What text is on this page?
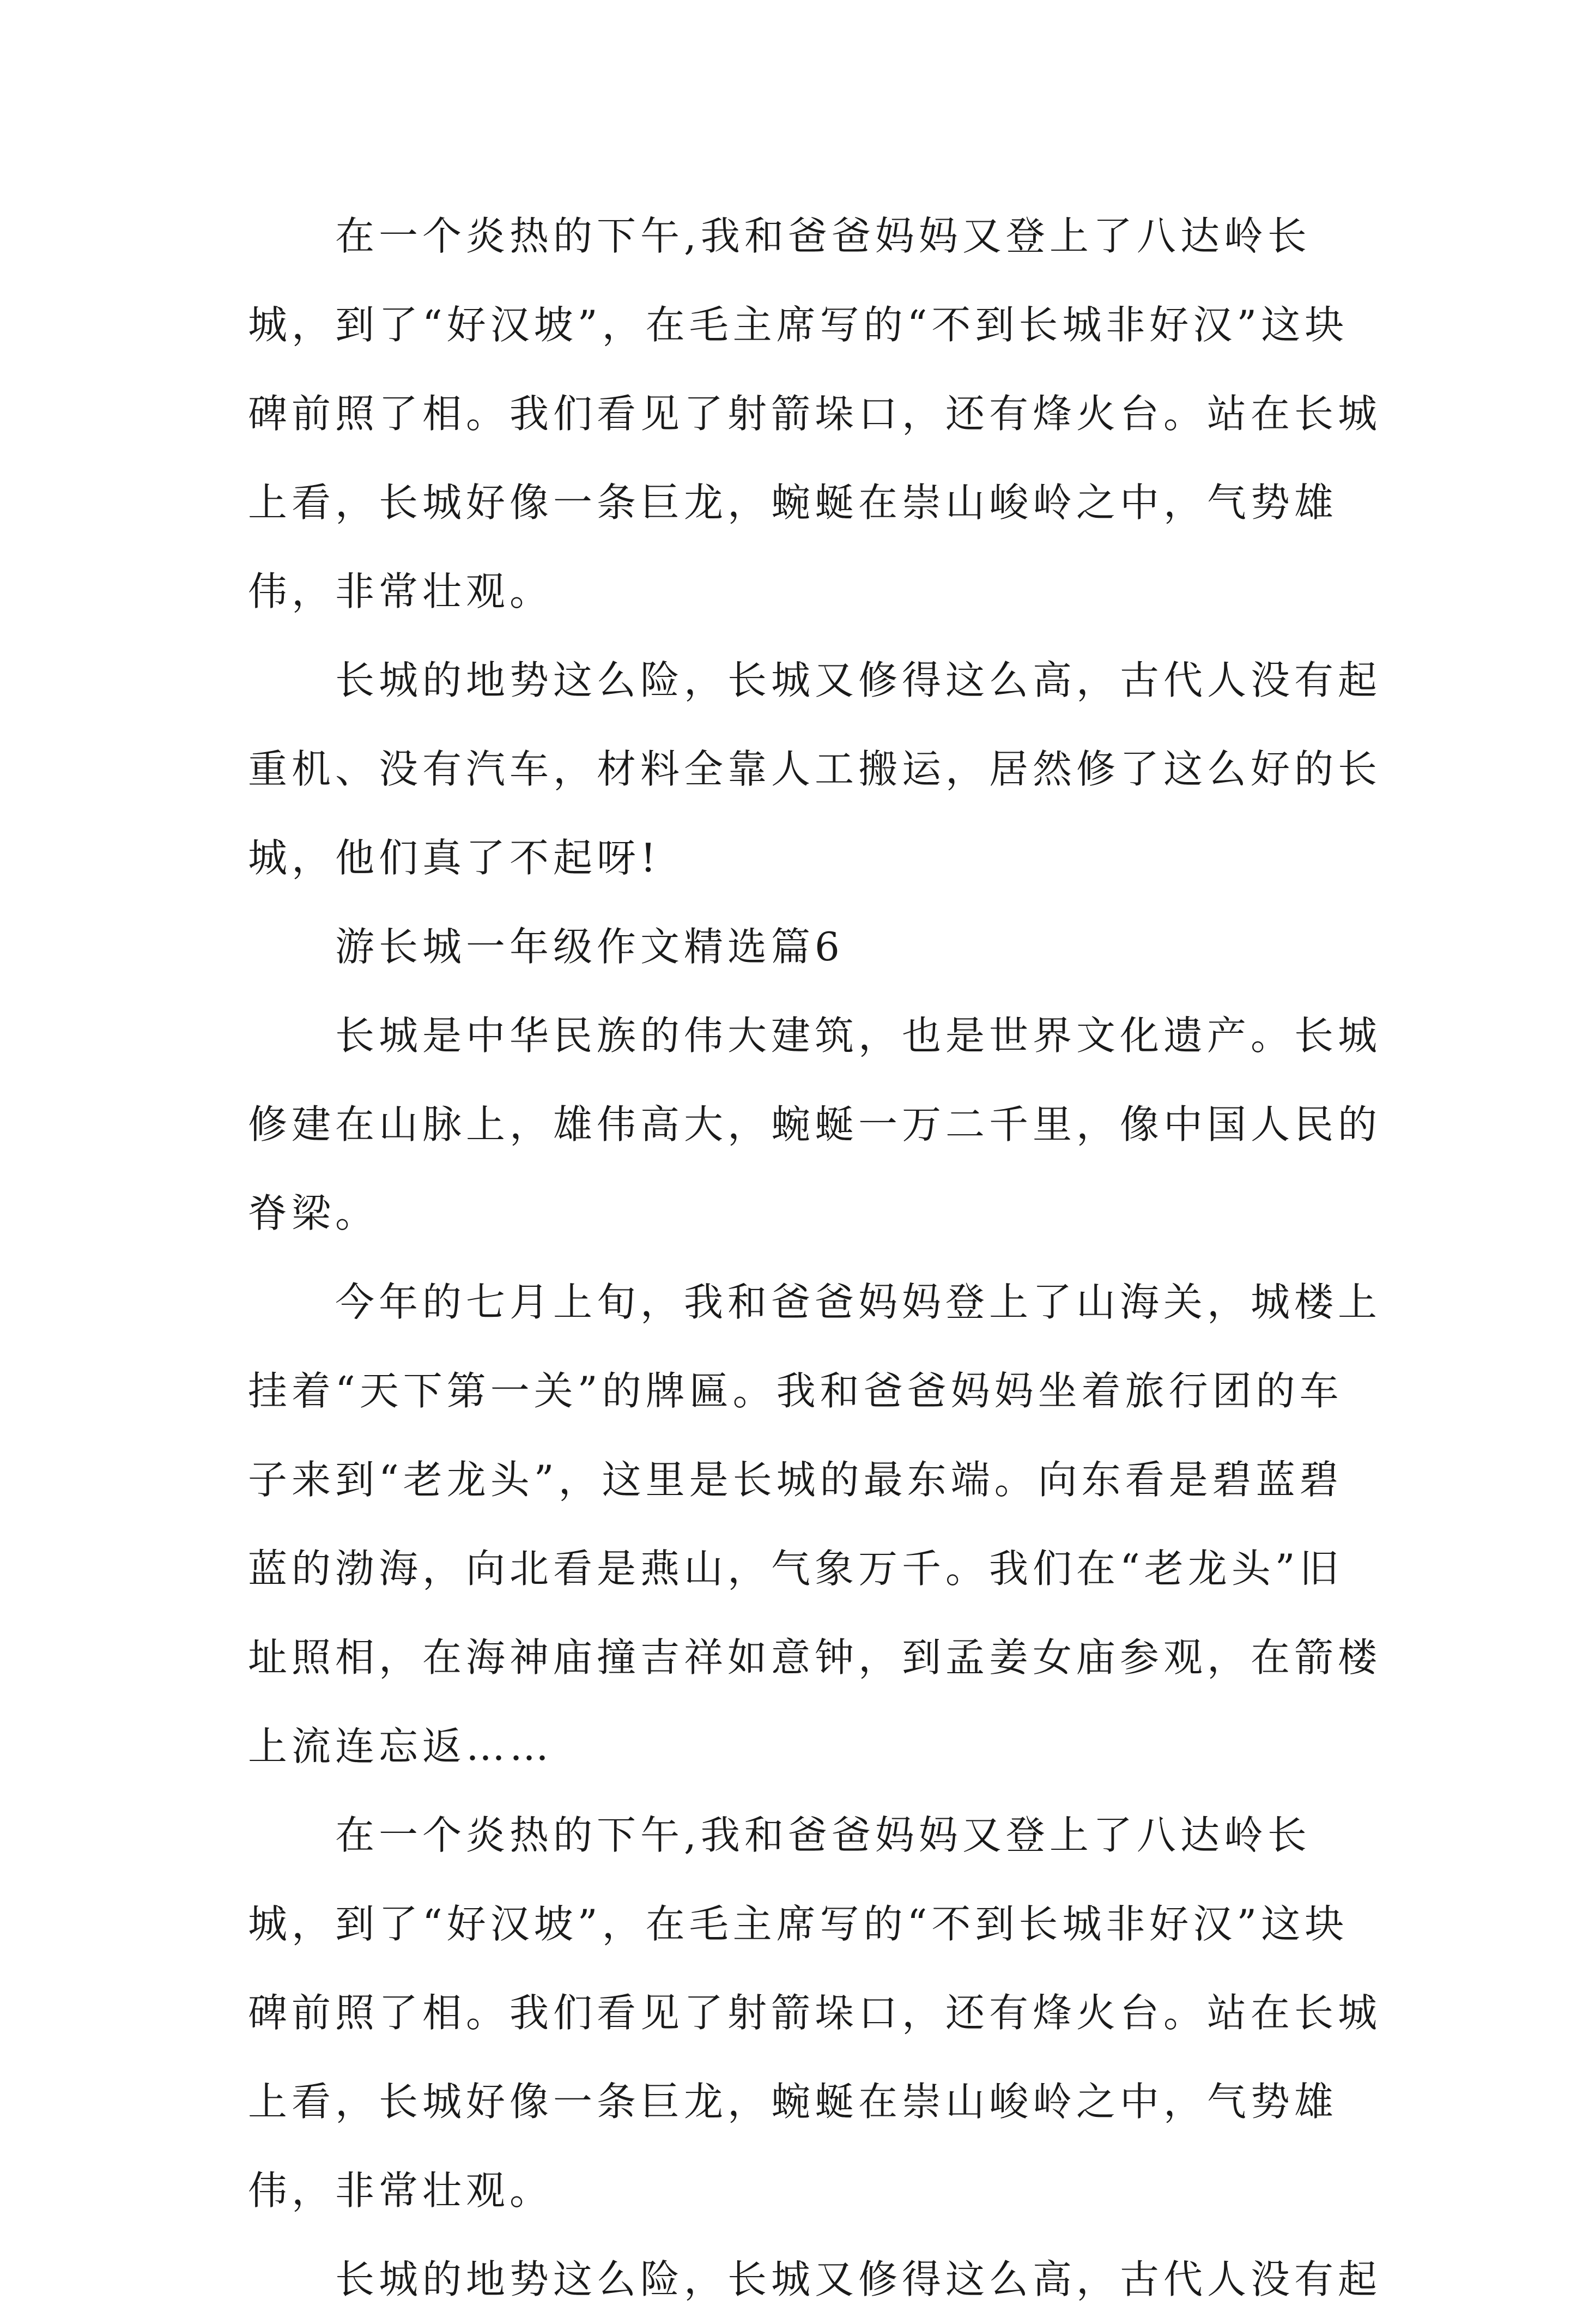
在一个炎热的下午,我和爸爸妈妈又登上了八达岭长城，到了“好汉坡”，在毛主席写的“不到长城非好汉”这块碑前照了相。我们看见了射箭垛口，还有烽火台。站在长城上看，长城好像一条巨龙，蜿蜒在崇山峻岭之中，气势雄伟，非常壮观。

长城的地势这么险，长城又修得这么高，古代人没有起重机、没有汽车，材料全靠人工搬运，居然修了这么好的长城，他们真了不起呀!

游长城一年级作文精选篇6

长城是中华民族的伟大建筑，也是世界文化遗产。长城修建在山脉上，雄伟高大，蜿蜒一万二千里，像中国人民的脊梁。

今年的七月上旬，我和爸爸妈妈登上了山海关，城楼上挂着“天下第一关”的牌匾。我和爸爸妈妈坐着旅行团的车子来到“老龙头”，这里是长城的最东端。向东看是碧蓝碧蓝的渤海，向北看是燕山，气象万千。我们在“老龙头”旧址照相，在海神庙撞吉祥如意钟，到孟姜女庙参观，在箭楼上流连忘返……

在一个炎热的下午,我和爸爸妈妈又登上了八达岭长城，到了“好汉坡”，在毛主席写的“不到长城非好汉”这块碑前照了相。我们看见了射箭垛口，还有烽火台。站在长城上看，长城好像一条巨龙，蜿蜒在崇山峻岭之中，气势雄伟，非常壮观。

长城的地势这么险，长城又修得这么高，古代人没有起
